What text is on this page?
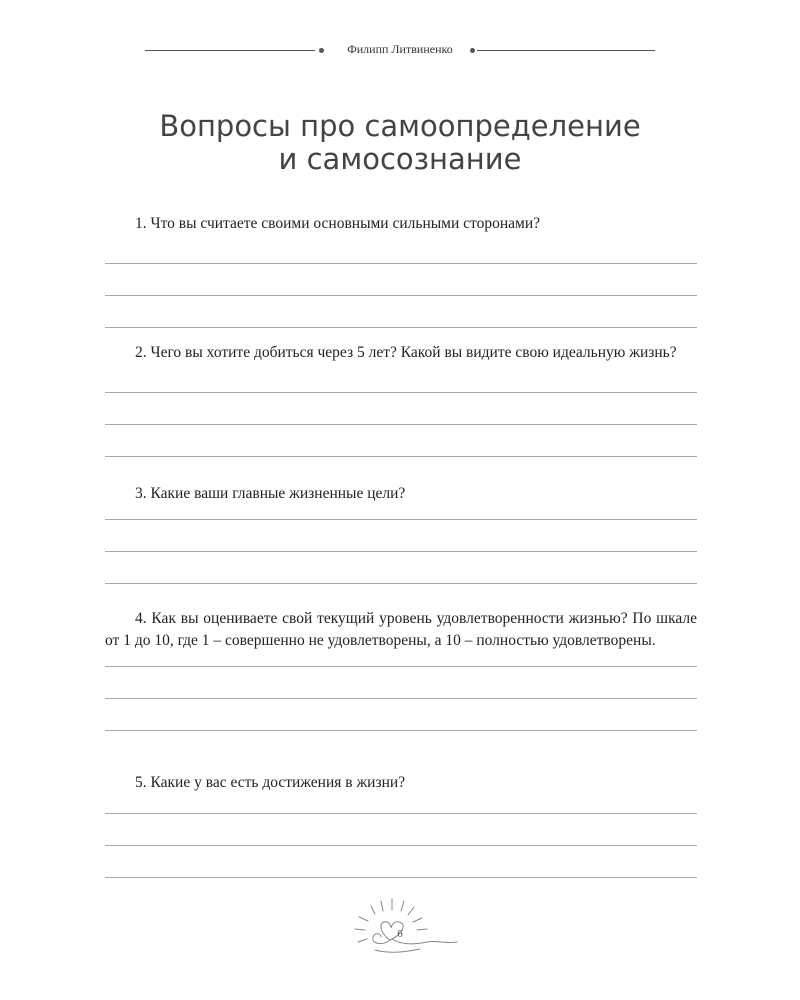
Филипп Литвиненко
Вопросы про самоопределение
и самосознание
1. Что вы считаете своими основными сильными сторонами?
2. Чего вы хотите добиться через 5 лет? Какой вы видите свою идеальную жизнь?
3. Какие ваши главные жизненные цели?
4. Как вы оцениваете свой текущий уровень удовлетворенности жизнью? По шкале от 1 до 10, где 1 – совершенно не удовлетворены, а 10 – полностью удовлетворены.
5. Какие у вас есть достижения в жизни?
6
